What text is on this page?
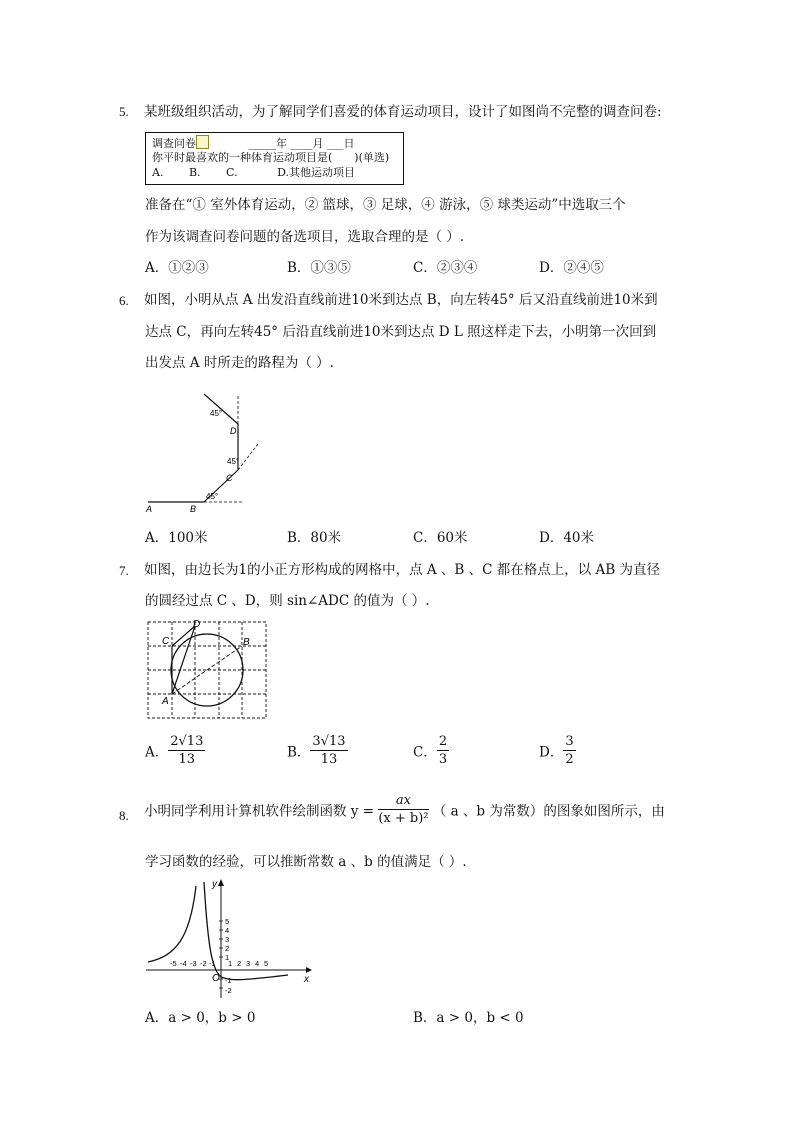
5. 某班级组织活动，为了解同学们喜爱的体育运动项目，设计了如图尚不完整的调查问卷:
调查问卷	_____年 ____月 ___日
你平时最喜欢的一种体育运动项目是(　　)(单选)
A. B. C.	D.其他运动项目
准备在“① 室外体育运动，② 篮球，③ 足球，④ 游泳，⑤ 球类运动”中选取三个
作为该调查问卷问题的备选项目，选取合理的是（ ）.
A．①②③	B．①③⑤	C．②③④	D．②④⑤
6. 如图，小明从点 A 出发沿直线前进10米到达点 B，向左转45° 后又沿直线前进10米到
达点 C，再向左转45° 后沿直线前进10米到达点 D L 照这样走下去，小明第一次回到
出发点 A 时所走的路程为（ ）.
A	B
C
D
45°
45°
45°
A．100米	B．80米	C．60米	D．40米
7. 如图，由边长为1的小正方形构成的网格中，点 A 、B 、C 都在格点上，以 AB 为直径
的圆经过点 C 、D，则 sin∠ADC 的值为（ ）.
C
D
B
A
A． $\frac{2√13}{13}$	B． $\frac{3√13}{13}$	C． $\frac{2}{3}$	D． $\frac{3}{2}$
8. 小明同学利用计算机软件绘制函数 $y = \frac{ax}{\text{(x + b)²}}$ （ a 、b 为常数）的图象如图所示，由
学习函数的经验，可以推断常数 a 、b 的值满足（ ）.
x
y
O
-5 -4 -3 -2 -1 1 2 3 4 5
5
4
3
2
1
-1
-2
A．a > 0，b > 0	B．a > 0，b < 0
